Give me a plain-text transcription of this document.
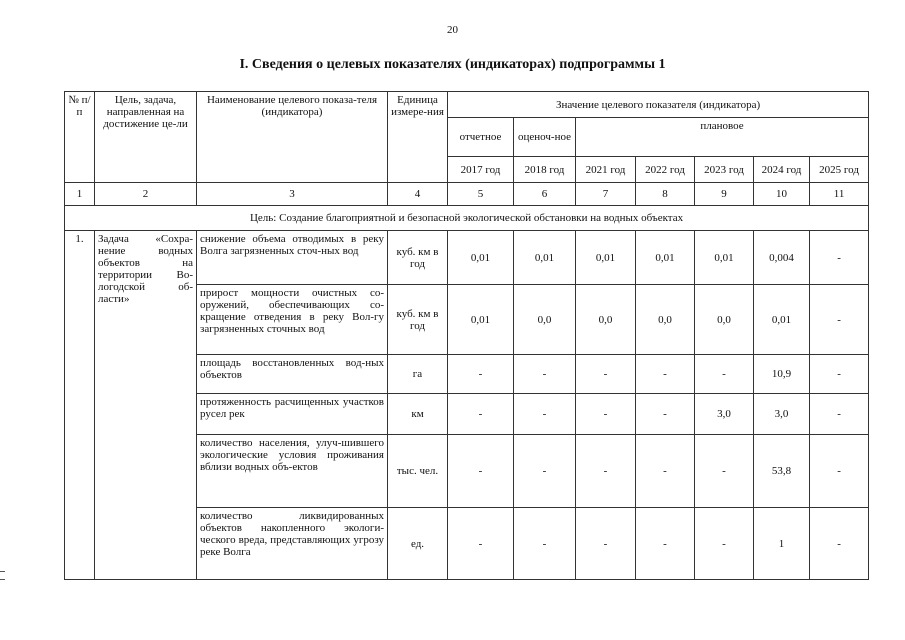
20
I. Сведения о целевых показателях (индикаторах) подпрограммы 1
№ п/п	Цель, задача, направленная на достижение це-ли	Наименование целевого показа-теля (индикатора)	Единица измере-ния	Значение целевого показателя (индикатора)						
				отчетное	оценоч-ное	плановое				
				2017 год	2018 год	2021 год	2022 год	2023 год	2024 год	2025 год
1	2	3	4	5	6	7	8	9	10	11
Цель: Создание благоприятной и безопасной экологической обстановки на водных объектах										
1.	Задача «Сохра-нение водных объектов на территории Во-логодской об-ласти»	снижение объема отводимых в реку Волга загрязненных сточ-ных вод	куб. км в год	0,01	0,01	0,01	0,01	0,01	0,004	-
		прирост мощности очистных со-оружений, обеспечивающих со-кращение отведения в реку Вол-гу загрязненных сточных вод	куб. км в год	0,01	0,0	0,0	0,0	0,0	0,01	-
		площадь восстановленных вод-ных объектов	га	-	-	-	-	-	10,9	-
		протяженность расчищенных участков русел рек	км	-	-	-	-	3,0	3,0	-
		количество населения, улуч-шившего экологические условия проживания вблизи водных объ-ектов	тыс. чел.	-	-	-	-	-	53,8	-
		количество ликвидированных объектов накопленного экологи-ческого вреда, представляющих угрозу реке Волга	ед.	-	-	-	-	-	1	-
